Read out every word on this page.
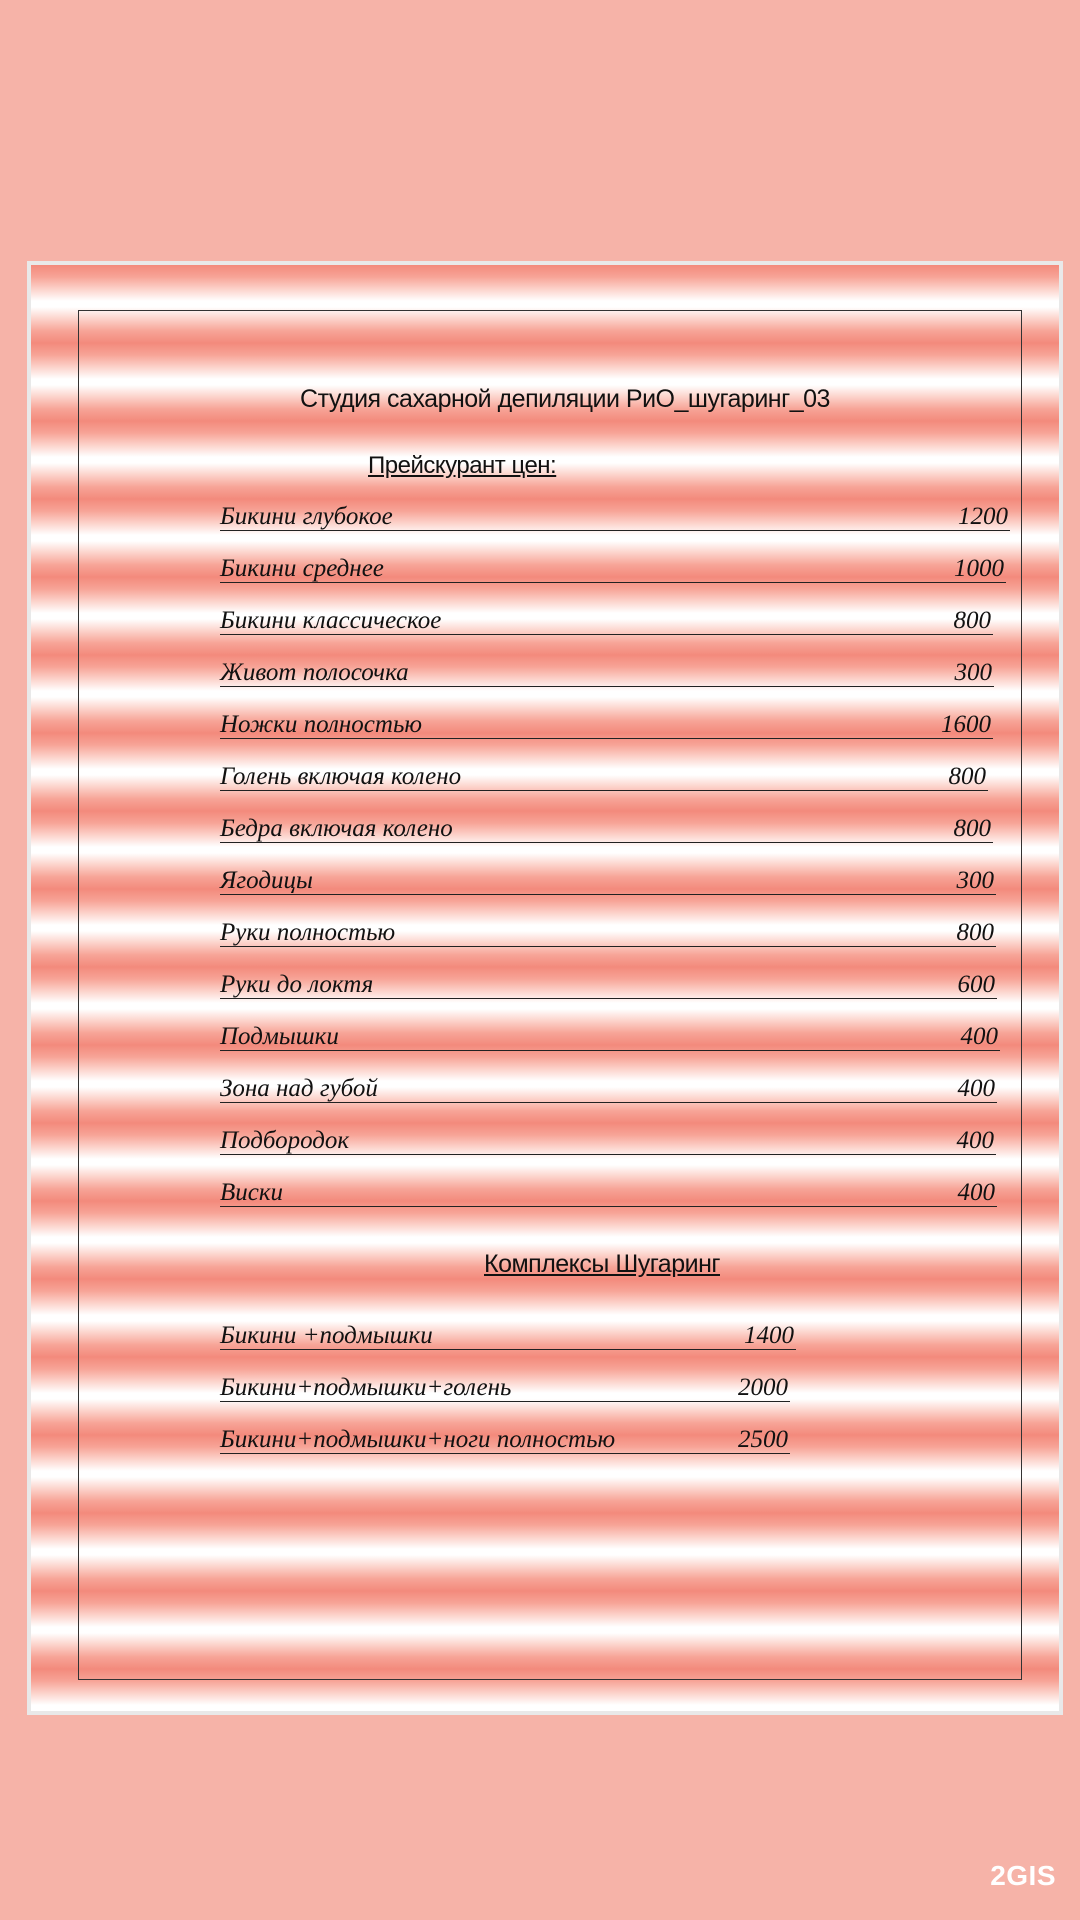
Студия сахарной депиляции РиО_шугаринг_03
Прейскурант цен:
Бикини глубокое	1200
Бикини среднее	1000
Бикини классическое	800
Живот полосочка	300
Ножки полностью	1600
Голень включая колено	800
Бедра включая колено	800
Ягодицы	300
Руки полностью	800
Руки до локтя	600
Подмышки	400
Зона над губой	400
Подбородок	400
Виски	400
Комплексы Шугаринг
Бикини +подмышки	1400
Бикини+подмышки+голень	2000
Бикини+подмышки+ноги полностью	2500
2GIS
